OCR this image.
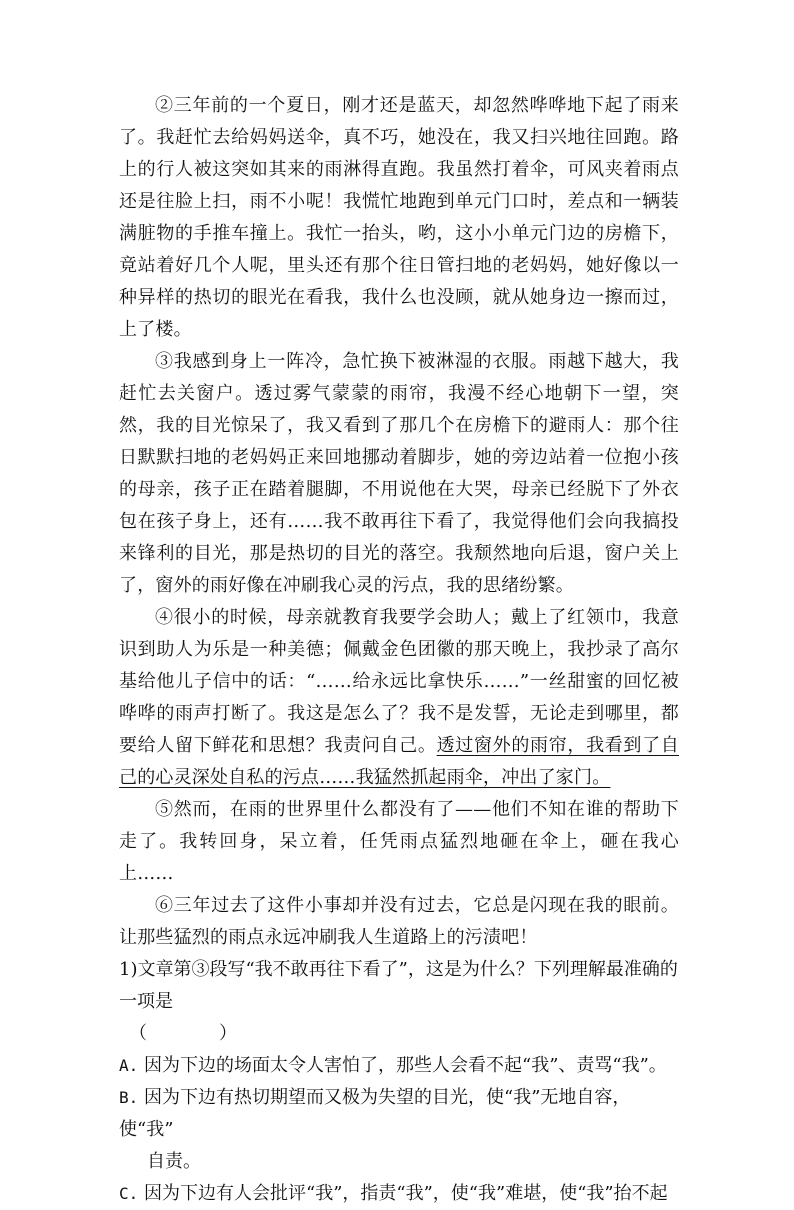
②三年前的一个夏日，刚才还是蓝天，却忽然哗哗地下起了雨来了。我赶忙去给妈妈送伞，真不巧，她没在，我又扫兴地往回跑。路上的行人被这突如其来的雨淋得直跑。我虽然打着伞，可风夹着雨点还是往脸上扫，雨不小呢！我慌忙地跑到单元门口时，差点和一辆装满脏物的手推车撞上。我忙一抬头，哟，这小小单元门边的房檐下，竟站着好几个人呢，里头还有那个往日管扫地的老妈妈，她好像以一种异样的热切的眼光在看我，我什么也没顾，就从她身边一擦而过，上了楼。

③我感到身上一阵冷，急忙换下被淋湿的衣服。雨越下越大，我赶忙去关窗户。透过雾气蒙蒙的雨帘，我漫不经心地朝下一望，突然，我的目光惊呆了，我又看到了那几个在房檐下的避雨人：那个往日默默扫地的老妈妈正来回地挪动着脚步，她的旁边站着一位抱小孩的母亲，孩子正在踏着腿脚，不用说他在大哭，母亲已经脱下了外衣包在孩子身上，还有……我不敢再往下看了，我觉得他们会向我搞投来锋利的目光，那是热切的目光的落空。我颓然地向后退，窗户关上了，窗外的雨好像在冲刷我心灵的污点，我的思绪纷繁。

④很小的时候，母亲就教育我要学会助人；戴上了红领巾，我意识到助人为乐是一种美德；佩戴金色团徽的那天晚上，我抄录了高尔基给他儿子信中的话：“……给永远比拿快乐……”一丝甜蜜的回忆被哗哗的雨声打断了。我这是怎么了？我不是发誓，无论走到哪里，都要给人留下鲜花和思想？我责问自己。透过窗外的雨帘，我看到了自己的心灵深处自私的污点……我猛然抓起雨伞，冲出了家门。

⑤然而，在雨的世界里什么都没有了——他们不知在谁的帮助下走了。我转回身，呆立着，任凭雨点猛烈地砸在伞上，砸在我心上……

⑥三年过去了这件小事却并没有过去，它总是闪现在我的眼前。让那些猛烈的雨点永远冲刷我人生道路上的污渍吧！

1)文章第③段写“我不敢再往下看了”，这是为什么？下列理解最准确的一项是

（　　　　）

A. 因为下边的场面太令人害怕了，那些人会看不起“我”、责骂“我”。

B. 因为下边有热切期望而又极为失望的目光，使“我”无地自容，使“我”

自责。

C. 因为下边有人会批评“我”，指责“我”，使“我”难堪，使“我”抬不起
